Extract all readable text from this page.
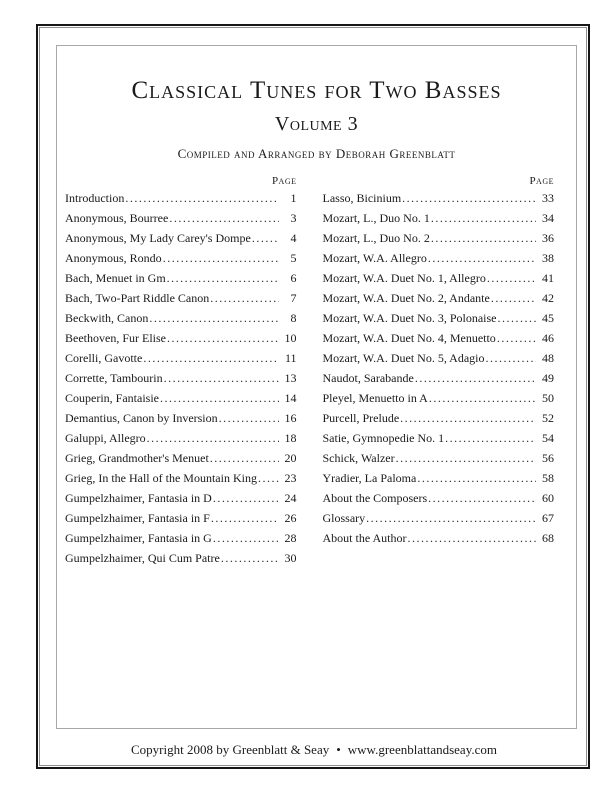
Classical Tunes for Two Basses
Volume 3
Compiled and Arranged by Deborah Greenblatt
Page
Introduction .....	1
Anonymous, Bourree .....	3
Anonymous, My Lady Carey's Dompe .....	4
Anonymous, Rondo .....	5
Bach, Menuet in Gm .....	6
Bach, Two-Part Riddle Canon .....	7
Beckwith, Canon .....	8
Beethoven, Fur Elise .....	10
Corelli, Gavotte .....	11
Corrette, Tambourin .....	13
Couperin, Fantaisie .....	14
Demantius, Canon by Inversion .....	16
Galuppi, Allegro .....	18
Grieg, Grandmother's Menuet .....	20
Grieg, In the Hall of the Mountain King ..... 23
Gumpelzhaimer, Fantasia in D .....	24
Gumpelzhaimer, Fantasia in F .....	26
Gumpelzhaimer, Fantasia in G .....	28
Gumpelzhaimer, Qui Cum Patre .....	30
Page
Lasso, Bicinium .....	33
Mozart, L., Duo No. 1 .....	34
Mozart, L., Duo No. 2 .....	36
Mozart, W.A. Allegro .....	38
Mozart, W.A. Duet No. 1, Allegro .....	41
Mozart, W.A. Duet No. 2, Andante .....	42
Mozart, W.A. Duet No. 3, Polonaise .....	45
Mozart, W.A. Duet No. 4, Menuetto .....	46
Mozart, W.A. Duet No. 5, Adagio .....	48
Naudot, Sarabande .....	49
Pleyel, Menuetto in A .....	50
Purcell, Prelude .....	52
Satie, Gymnopedie No. 1 .....	54
Schick, Walzer .....	56
Yradier, La Paloma .....	58
About the Composers .....	60
Glossary .....	67
About the Author .....	68
Copyright 2008 by Greenblatt & Seay • www.greenblattandseay.com
